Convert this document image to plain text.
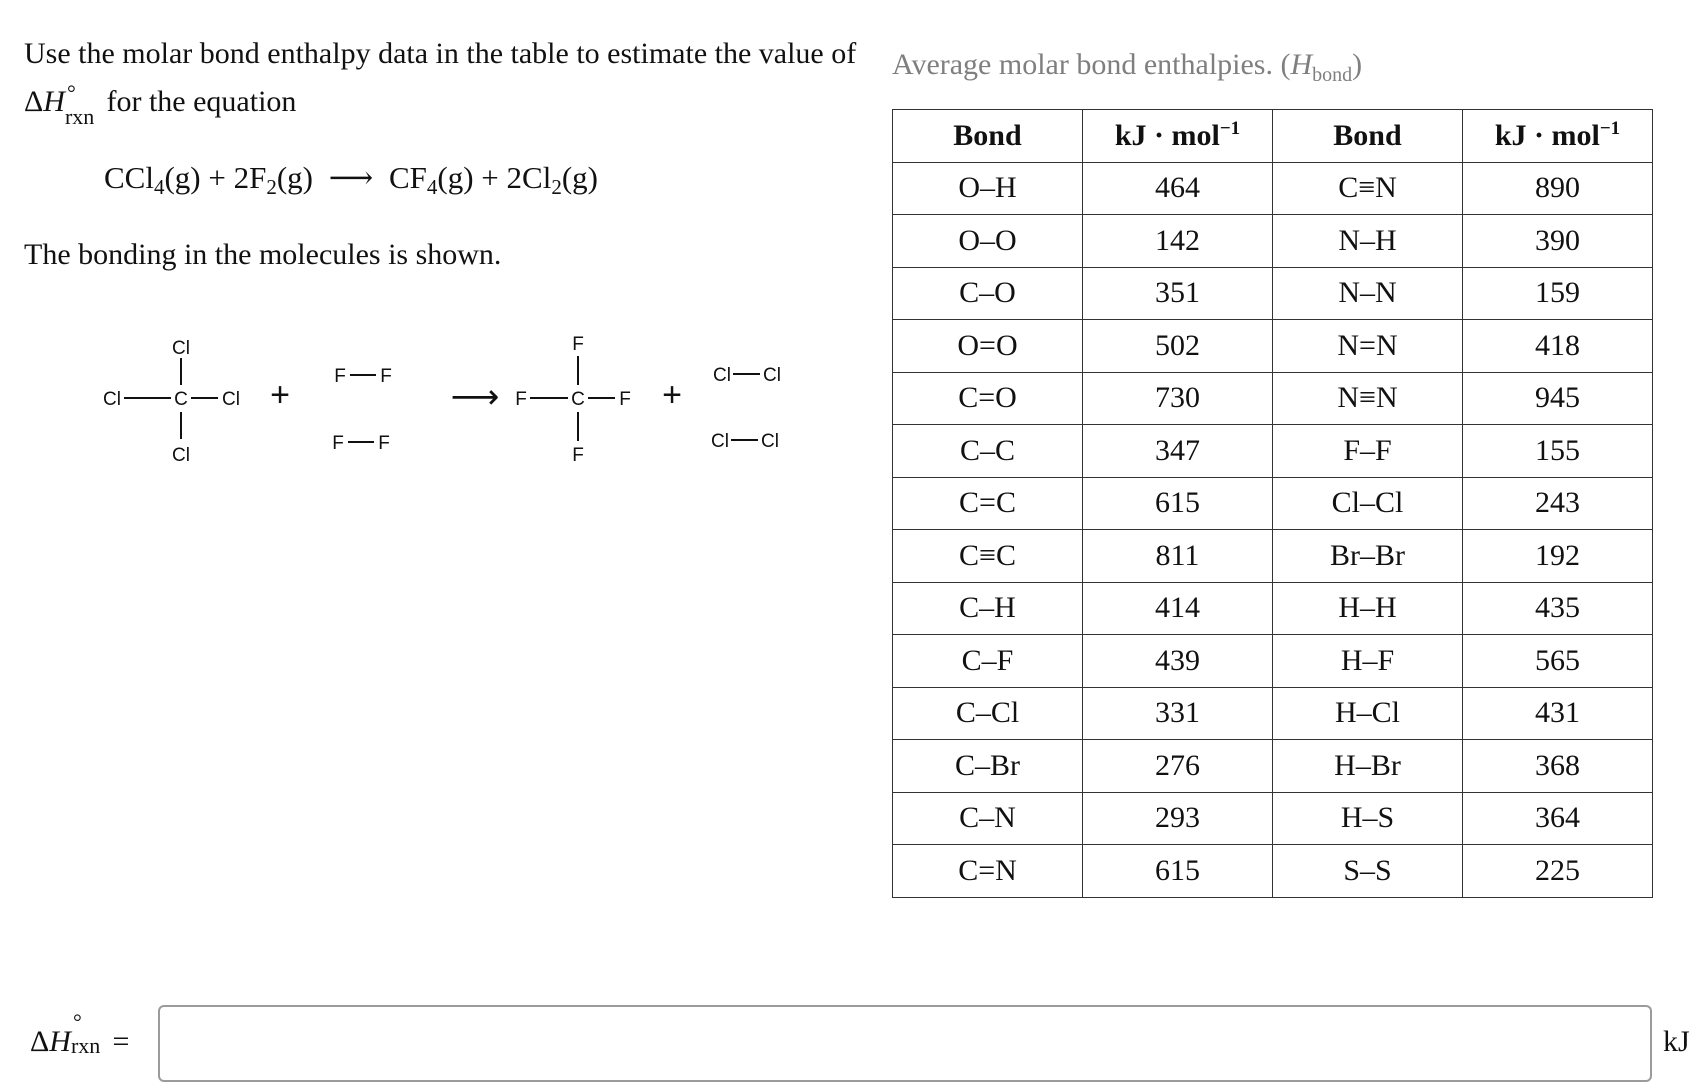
Use the molar bond enthalpy data in the table to estimate the value of ΔH °
rxn for the equation

$CCl_4(g) + 2F_2(g)$ ⟶ $CF_4(g) + 2Cl_2(g)$
The bonding in the molecules is shown.
Cl
C
Cl
Cl	Cl + F F
F F
⟶
F
C
F
F	F +
Cl Cl
Cl Cl
Average molar bond enthalpies. $(H_{bond})$
Bond	kJ · mol$^{-1}$	Bond	kJ · mol$^{-1}$
O–H	464	C≡N	890
O–O	142	N–H	390
C–O	351	N–N	159
O=O	502	N=N	418
C=O	730	N≡N	945
C–C	347	F–F	155
C=C	615	Cl–Cl	243
C≡C	811	Br–Br	192
C–H	414	H–H	435
C–F	439	H–F	565
C–Cl	331	H–Cl	431
C–Br	276	H–Br	368
C–N	293	H–S	364
C=N	615	S–S	225
ΔH
°
rxn =	kJ
